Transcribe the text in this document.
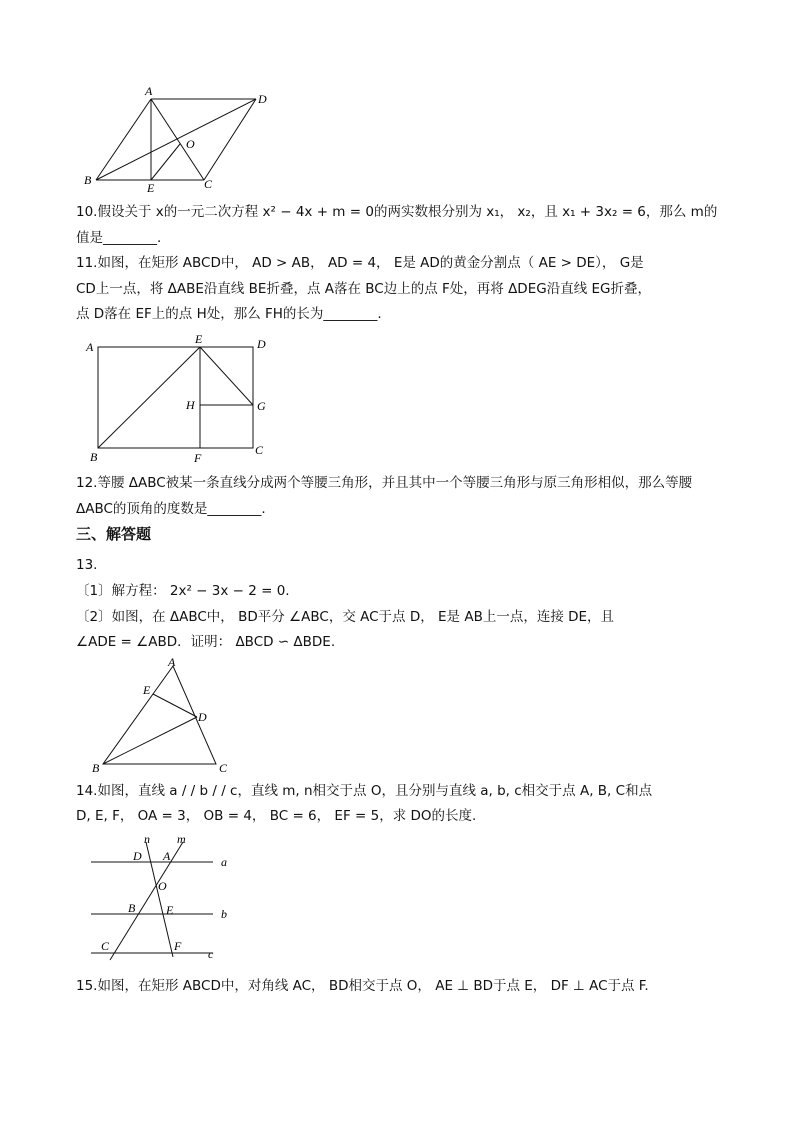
A
D
O
B
E	C
10.假设关于 x的一元二次方程 x² − 4x + m = 0的两实数根分别为 x₁， x₂，且 x₁ + 3x₂ = 6，那么 m的
值是________.
11.如图，在矩形 ABCD中， AD > AB， AD = 4， E是 AD的黄金分割点（ AE > DE）， G是
CD上一点，将 ΔABE沿直线 BE折叠，点 A落在 BC边上的点 F处，再将 ΔDEG沿直线 EG折叠，
点 D落在 EF上的点 H处，那么 FH的长为________.
A
E	D
H	G
C
B	F
12.等腰 ΔABC被某一条直线分成两个等腰三角形，并且其中一个等腰三角形与原三角形相似，那么等腰
ΔABC的顶角的度数是________.
三、解答题
13.
〔1〕解方程： 2x² − 3x − 2 = 0.
〔2〕如图，在 ΔABC中， BD平分 ∠ABC，交 AC于点 D， E是 AB上一点，连接 DE，且
∠ADE = ∠ABD．证明： ΔBCD ∽ ΔBDE.
A
E
D
B	C
14.如图，直线 a / / b / / c，直线 m, n相交于点 O，且分别与直线 a, b, c相交于点 A, B, C和点
D, E, F， OA = 3， OB = 4， BC = 6， EF = 5，求 DO的长度.
n m
D A	a
O
B	E	b
C	F
c
15.如图，在矩形 ABCD中，对角线 AC， BD相交于点 O， AE ⊥ BD于点 E， DF ⊥ AC于点 F.
